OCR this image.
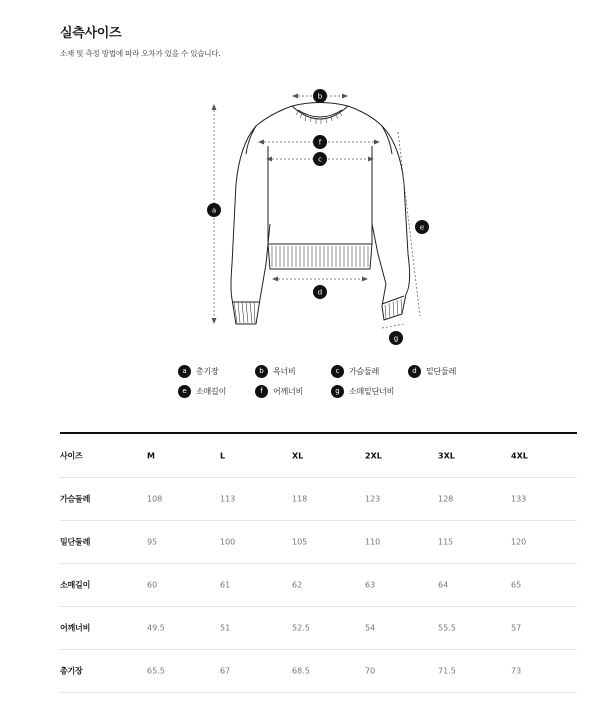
실측사이즈
소재 및 측정 방법에 따라 오차가 있을 수 있습니다.
a
b
c
d
e
f
g
a	총기장	b	목너비	c	가슴둘레	d	밑단둘레
e	소매길이	f	어깨너비	g	소매밑단너비
사이즈	M	L	XL	2XL	3XL	4XL
가슴둘레	108	113	118	123	128	133
밑단둘레	95	100	105	110	115	120
소매길이	60	61	62	63	64	65
어깨너비	49.5	51	52.5	54	55.5	57
총기장	65.5	67	68.5	70	71.5	73
